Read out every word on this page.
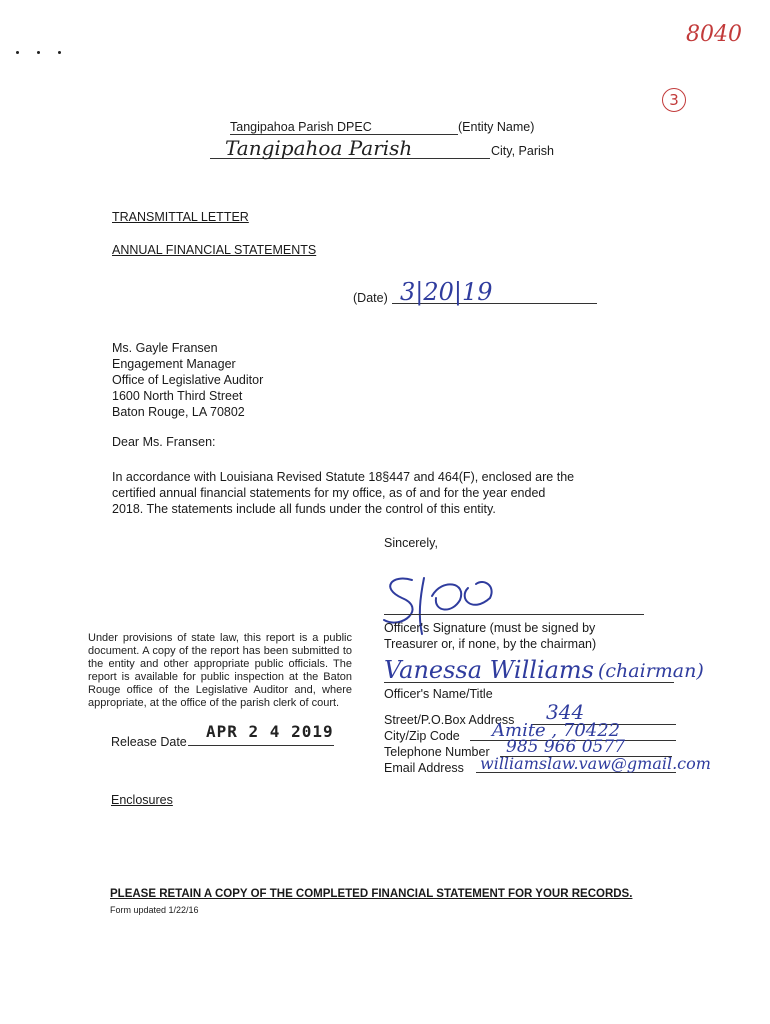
8040
3
Tangipahoa Parish DPEC	(Entity Name)
Tangipahoa Parish	City, Parish
TRANSMITTAL LETTER
ANNUAL FINANCIAL STATEMENTS
(Date) 3|20|19
Ms. Gayle Fransen
Engagement Manager
Office of Legislative Auditor
1600 North Third Street
Baton Rouge, LA 70802
Dear Ms. Fransen:
In accordance with Louisiana Revised Statute 18§447 and 464(F), enclosed are the
certified annual financial statements for my office, as of and for the year ended
2018. The statements include all funds under the control of this entity.
Sincerely,
Officer's Signature (must be signed by
Treasurer or, if none, by the chairman)
Vanessa Williams (chairman)
Officer's Name/Title
Under provisions of state law, this report is a public document. A copy of the report has been submitted to the entity and other appropriate public officials. The report is available for public inspection at the Baton Rouge office of the Legislative Auditor and, where appropriate, at the office of the parish clerk of court.
Release Date
APR 2 4 2019
Street/P.O.Box Address 344
City/Zip Code Amite , 70422
Telephone Number 985 966 0577
Email Address williamslaw.vaw@gmail.com
Enclosures
PLEASE RETAIN A COPY OF THE COMPLETED FINANCIAL STATEMENT FOR YOUR RECORDS.
Form updated 1/22/16
